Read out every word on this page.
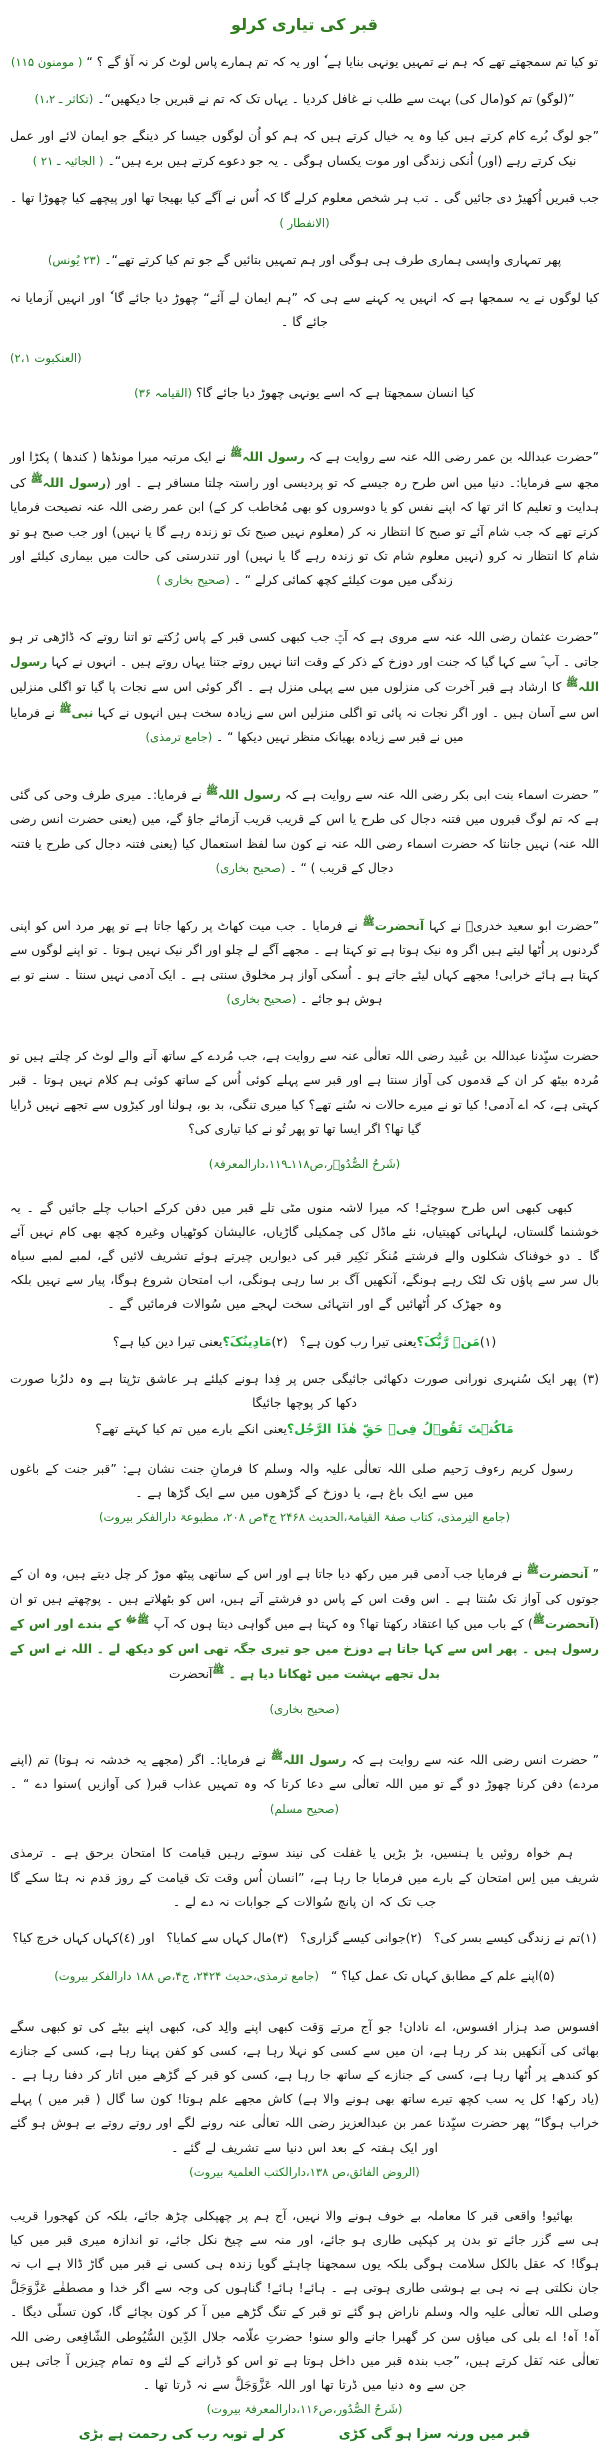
قبر کی تیاری کرلو

تو کیا تم سمجھتے تھے کہ ہم نے تمہیں یونہی بنایا ہے ٗ اور یہ کہ تم ہمارے پاس لوٹ کر نہ آؤ گے ؟ “ ( مومنون ۱۱۵)

”(لوگو) تم کو(مال کی) بہت سے طلب نے غافل کردیا ۔ یہاں تک کہ تم نے قبریں جا دیکھیں“۔ (تکاثر ـ ۱،۲)

”جو لوگ بُرے کام کرتے ہیں کیا وہ یہ خیال کرتے ہیں کہ ہم کو اُن لوگوں جیسا کر دینگے جو ایمان لائے اور عمل نیک کرتے رہے (اور) اُنکی زندگی اور موت یکساں ہوگی ۔ یہ جو دعوے کرتے ہیں برے ہیں“۔ ( الجاثیہ ـ ۲۱ )

جب قبریں اُکھیڑ دی جائیں گی ۔ تب ہر شخص معلوم کرلے گا کہ اُس نے آگے کیا بھیجا تھا اور پیچھے کیا چھوڑا تھا ۔ (الانفطار )

پھر تمہاری واپسی ہماری طرف ہی ہوگی اور ہم تمہیں بتائیں گے جو تم کیا کرتے تھے“۔ (۲۳ یُونس)

کیا لوگوں نے یہ سمجھا ہے کہ انہیں یہ کہنے سے ہی کہ ”ہم ایمان لے آئے“ چھوڑ دیا جائے گا ٗ اور انہیں آزمایا نہ جائے گا ۔

(العنکبوت ۲،۱)

کیا انسان سمجھتا ہے کہ اسے یونہی چھوڑ دیا جائے گا؟ (القیامہ ۳۶)

”حضرت عبداللہ بن عمر رضی اللہ عنہ سے روایت ہے کہ رسول اللہ$^ﷺ$ نے ایک مرتبہ میرا مونڈھا ( کندھا ) پکڑا اور مجھ سے فرمایا:۔ دنیا میں اس طرح رہ جیسے کہ تو پردیسی اور راستہ چلتا مسافر ہے ۔ اور (رسول اللہ$^ﷺ$ کی ہدایت و تعلیم کا اثر تھا کہ اپنے نفس کو یا دوسروں کو بھی مُخاطب کر کے) ابن عمر رضی اللہ عنہ نصیحت فرمایا کرتے تھے کہ جب شام آئے تو صبح کا انتظار نہ کر (معلوم نہیں صبح تک تو زندہ رہے گا یا نہیں) اور جب صبح ہو تو شام کا انتظار نہ کرو (نہیں معلوم شام تک تو زندہ رہے گا یا نہیں) اور تندرستی کی حالت میں بیماری کیلئے اور زندگی میں موت کیلئے کچھ کمائی کرلے “ ۔ (صحیح بخاری )

”حضرت عثمان رضی اللہ عنہ سے مروی ہے کہ آپؓ جب کبھی کسی قبر کے پاس رُکتے تو اتنا روتے کہ ڈاڑھی تر ہو جاتی ۔ آپ ؓ سے کہا گیا کہ جنت اور دوزخ کے ذکر کے وقت اتنا نہیں روتے جتنا یہاں روتے ہیں ۔ انہوں نے کہا رسول اللہ$^ﷺ$ کا ارشاد ہے قبر آخرت کی منزلوں میں سے پہلی منزل ہے ۔ اگر کوئی اس سے نجات پا گیا تو اگلی منزلیں اس سے آسان ہیں ۔ اور اگر نجات نہ پائی تو اگلی منزلیں اس سے زیادہ سخت ہیں انہوں نے کہا نبی$^ﷺ$ نے فرمایا میں نے قبر سے زیادہ بھیانک منظر نہیں دیکھا “ ۔ (جامع ترمذی)

” حضرت اسماء بنت ابی بکر رضی اللہ عنہ سے روایت ہے کہ رسول اللہ$^ﷺ$ نے فرمایا:۔ میری طرف وحی کی گئی ہے کہ تم لوگ قبروں میں فتنہ دجال کی طرح یا اس کے قریب قریب آزمائے جاؤ گے، میں (یعنی حضرت انس رضی اللہ عنہ) نہیں جانتا کہ حضرت اسماء رضی اللہ عنہ نے کون سا لفظ استعمال کیا (یعنی فتنہ دجال کی طرح یا فتنہ دجال کے قریب ) “ ۔ (صحیح بخاری)

”حضرت ابو سعید خدریؓ نے کہا آنحضرت$^ﷺ$ نے فرمایا ۔ جب میت کھاٹ پر رکھا جاتا ہے تو پھر مرد اس کو اپنی گردنوں پر اُٹھا لیتے ہیں اگر وہ نیک ہوتا ہے تو کہتا ہے ۔ مجھے آگے لے چلو اور اگر نیک نہیں ہوتا ۔ تو اپنے لوگوں سے کہتا ہے ہائے خرابی! مجھے کہاں لیئے جاتے ہو ۔ اُسکی آواز ہر مخلوق سنتی ہے ۔ ایک آدمی نہیں سنتا ۔ سنے تو بے ہوش ہو جائے ۔ (صحیح بخاری)

حضرت سیِّدنا عبداللہ بن عُبید رضی اللہ تعالٰی عنہ سے روایت ہے، جب مُردے کے ساتھ آنے والے لوٹ کر چلتے ہیں تو مُردہ بیٹھ کر ان کے قدموں کی آواز سنتا ہے اور قبر سے پہلے کوئی اُس کے ساتھ کوئی ہم کلام نہیں ہوتا ۔ قبر کہتی ہے، کہ اے آدمی! کیا تو نے میرے حالات نہ سُنے تھے؟ کیا میری تنگی، بد بو، ہولنا اور کیڑوں سے تجھے نہیں ڈرایا گیا تھا؟ اگر ایسا تھا تو پھر تُو نے کیا تیاری کی؟

(شَرحُ الصُّدُوۡر،ص۱۱۸ـ۱۱۹،دارالمعرفۃ)

کبھی کبھی اس طرح سوچئے! کہ میرا لاشہ منوں مٹی تلے قبر میں دفن کرکے احباب چلے جائیں گے ۔ یہ خوشنما گلستاں، لہلہاتی کھیتیاں، نئے ماڈل کی چمکیلی گاڑیاں، عالیشان کوٹھیاں وغیرہ کچھ بھی کام نہیں آئے گا ۔ دو خوفناک شکلوں والے فرشتے مُنکَر نَکِیر قبر کی دیواریں چیرتے ہوئے تشریف لائیں گے، لمبے لمبے سیاہ بال سر سے پاؤں تک لٹک رہے ہونگے، آنکھیں آگ بر سا رہی ہونگی، اب امتحان شروع ہوگا، پیار سے نہیں بلکہ وہ جھڑک کر اُٹھائیں گے اور انتہائی سخت لہجے میں سُوالات فرمائیں گے ۔

(۱)مَنۡ رَّبُّکَ؟یعنی تیرا رب کون ہے؟   (۲)مَادِینُکَ؟یعنی تیرا دین کیا ہے؟

(۳) پھر ایک سُنہری نورانی صورت دکھائی جائیگی جس پر فِدا ہونے کیلئے ہر عاشق تڑپتا ہے وہ دلرُبا صورت دکھا کر پوچھا جائیگا

مَاکُنۡتَ تَقُوۡلُ فِیۡ حَقِّ ھٰذَا الرَّجُل؟یعنی انکے بارے میں تم کیا کہتے تھے؟

رسول کریم رءوف رَحیم صلی اللہ تعالٰی علیہ والہ وسلم کا فرمانِ جنت نشان ہے: ”قبر جنت کے باغوں میں سے ایک باغ ہے، یا دوزخ کے گڑھوں میں سے ایک گڑھا ہے ۔

(جامع التِرمذی، کتاب صفۃ القیامۃ،الحدیث ۲۴۶۸ ج۴ص ۲۰۸، مطبوعۃ دارالفکر بیروت)

” آنحضرت$^ﷺ$ نے فرمایا جب آدمی قبر میں رکھ دیا جاتا ہے اور اس کے ساتھی پیٹھ موڑ کر چل دیتے ہیں، وہ ان کے جوتوں کی آواز تک سُنتا ہے ۔ اس وقت اس کے پاس دو فرشتے آتے ہیں، اس کو بٹھلاتے ہیں ۔ پوچھتے ہیں تو ان (آنحضرت$^ﷺ$) کے باب میں کیا اعتقاد رکھتا تھا؟ وہ کہتا ہے میں گواہی دیتا ہوں کہ آپ $^{ﷺﷻ}$ کے بندے اور اس کے رسول ہیں ۔ پھر اس سے کہا جاتا ہے دوزخ میں جو تیری جگہ تھی اس کو دیکھ لے ۔ اللہ نے اس کے بدل تجھے بہشت میں ٹھکانا دیا ہے ۔ $^ﷺ$آنحضرت

(صحیح بخاری)

” حضرت انس رضی اللہ عنہ سے روایت ہے کہ رسول اللہ$^ﷺ$ نے فرمایا:۔ اگر (مجھے یہ خدشہ نہ ہوتا) تم (اپنے مردے) دفن کرنا چھوڑ دو گے تو میں اللہ تعالٰی سے دعا کرتا کہ وہ تمہیں عذاب قبر( کی آوازیں )سنوا دے “ ۔ (صحیح مسلم)

ہم خواہ روئیں یا ہنسیں، بڑ بڑیں یا غفلت کی نیند سوتے رہیں قیامت کا امتحان برحق ہے ۔ ترمذی شریف میں اِس امتحان کے بارے میں فرمایا جا رہا ہے، ”انسان اُس وقت تک قیامت کے روز قدم نہ ہٹا سکے گا جب تک کہ ان پانچ سُوالات کے جوابات نہ دے لے ۔

(۱)تم نے زندگی کیسے بسر کی؟   (۲)جوانی کیسے گزاری؟   (۳)مال کہاں سے کمایا؟   اور (٤)کہاں کہاں خرچ کیا؟

(۵)اپنے علم کے مطابق کہاں تک عمل کیا؟ “   (جامع ترمذی،حدیث ۲۴۲۴، ج۴،ص ۱۸۸ دارالفکر بیروت)

افسوس صد ہزار افسوس، اے نادان! جو آج مرتے وَقت کبھی اپنے والِد کی، کبھی اپنے بیٹے کی تو کبھی سگے بھائی کی آنکھیں بند کر رہا ہے، ان میں سے کسی کو نہلا رہا ہے، کسی کو کفن پہنا رہا ہے، کسی کے جنازے کو کندھے پر اُٹھا رہا ہے، کسی کے جنازے کے ساتھ جا رہا ہے، کسی کو قبر کے گڑھے میں اتار کر دفنا رہا ہے ۔ (یاد رکھ! کل یہ سب کچھ تیرے ساتھ بھی ہونے والا ہے) کاش مجھے علم ہوتا! کون سا گال ( قبر میں ) پہلے خراب ہوگا“ پھر حضرت سیِّدنا عمر بن عبدالعزیز رضی اللہ تعالٰی عنہ رونے لگے اور روتے روتے بے ہوش ہو گئے اور ایک ہفتہ کے بعد اس دنیا سے تشریف لے گئے ۔

(الروض الفائق،ص ۱۳۸،دارالکتب العلمیۃ بیروت)

بھائیو! واقعی قبر کا معاملہ بے خوف ہونے والا نہیں، آج ہم پر چھپکلی چڑھ جائے، بلکہ کن کھجورا قریب ہی سے گزر جائے تو بدن پر کپکپی طاری ہو جائے، اور منہ سے چیخ نکل جائے، تو اندازہ میری قبر میں کیا ہوگا! کہ عقل بالکل سلامت ہوگی بلکہ یوں سمجھنا چاہئے گویا زندہ ہی کسی نے قبر میں گاڑ ڈالا ہے اب نہ جان نکلتی ہے نہ ہی بے ہوشی طاری ہوتی ہے ۔ ہائے! ہائے! گناہوں کی وجہ سے اگر خدا و مصطفٰے عَزَّوَجَلَّ وصلی اللہ تعالٰی علیہ والہ وسلم ناراض ہو گئے تو قبر کے تنگ گڑھے میں آ کر کون بچائے گا، کون تسلّی دیگا ۔ آہ! آہ! اے بلی کی میاؤں سن کر گھبرا جانے والو سنو! حضرتِ علّامہ جلال الدِّین السُّیُوطی الشّافِعی رضی اللہ تعالٰی عنہ نَقل کرتے ہیں، ”جب بندہ قبر میں داخل ہوتا ہے تو اس کو ڈرانے کے لئے وہ تمام چیزیں آ جاتی ہیں جن سے وہ دنیا میں ڈرتا تھا اور اللہ عَزَّوَجَلَّ سے نہ ڈرتا تھا ۔

(شَرحُ الصُّدُور،ص۱۱۶،دارالمعرفۃ بیروت)

کر لے توبہ رب کی رحمت ہے بڑی	قبر میں ورنہ سزا ہو گی کڑی
